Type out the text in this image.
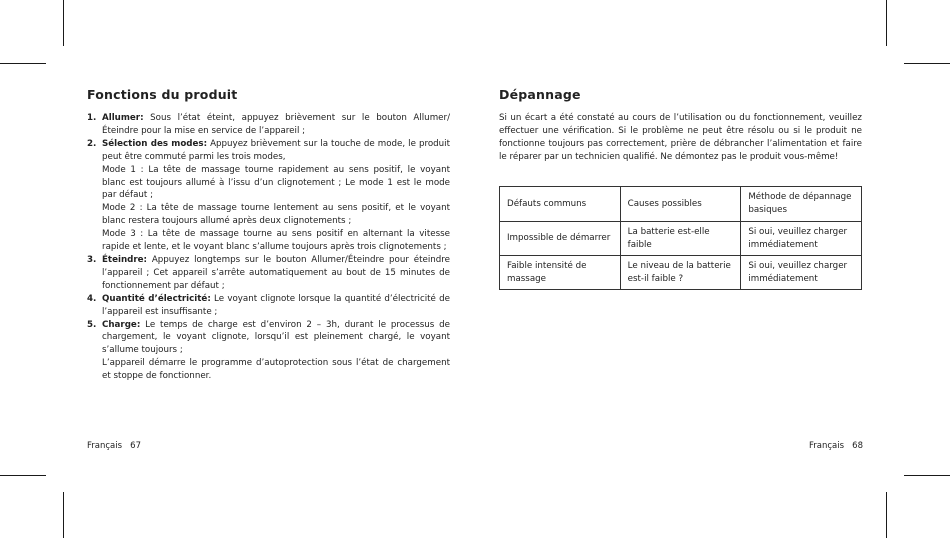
Fonctions du produit
1. Allumer: Sous l’état éteint, appuyez brièvement sur le bouton Allumer/Éteindre pour la mise en service de l’appareil ;
2. Sélection des modes: Appuyez brièvement sur la touche de mode, le produit peut être commuté parmi les trois modes,
Mode 1 : La tête de massage tourne rapidement au sens positif, le voyant blanc est toujours allumé à l’issu d’un clignotement ; Le mode 1 est le mode par défaut ;
Mode 2 : La tête de massage tourne lentement au sens positif, et le voyant blanc restera toujours allumé après deux clignotements ;
Mode 3 : La tête de massage tourne au sens positif en alternant la vitesse rapide et lente, et le voyant blanc s’allume toujours après trois clignotements ;
3. Éteindre: Appuyez longtemps sur le bouton Allumer/Éteindre pour éteindre l’appareil ; Cet appareil s’arrête automatiquement au bout de 15 minutes de fonctionnement par défaut ;
4. Quantité d’électricité: Le voyant clignote lorsque la quantité d’électricité de l’appareil est insuffisante ;
5. Charge: Le temps de charge est d’environ 2 – 3h, durant le processus de chargement, le voyant clignote, lorsqu’il est pleinement chargé, le voyant s’allume toujours ;
L’appareil démarre le programme d’autoprotection sous l’état de chargement et stoppe de fonctionner.

Français 67

Dépannage

Si un écart a été constaté au cours de l’utilisation ou du fonctionnement, veuillez effectuer une vérification. Si le problème ne peut être résolu ou si le produit ne fonctionne toujours pas correctement, prière de débrancher l’alimentation et faire le réparer par un technicien qualifié. Ne démontez pas le produit vous-même!

Défauts communs	Causes possibles	Méthode de dépannage basiques
Impossible de démarrer	La batterie est-elle faible	Si oui, veuillez charger immédiatement
Faible intensité de massage	Le niveau de la batterie est-il faible ?	Si oui, veuillez charger immédiatement

Français 68
